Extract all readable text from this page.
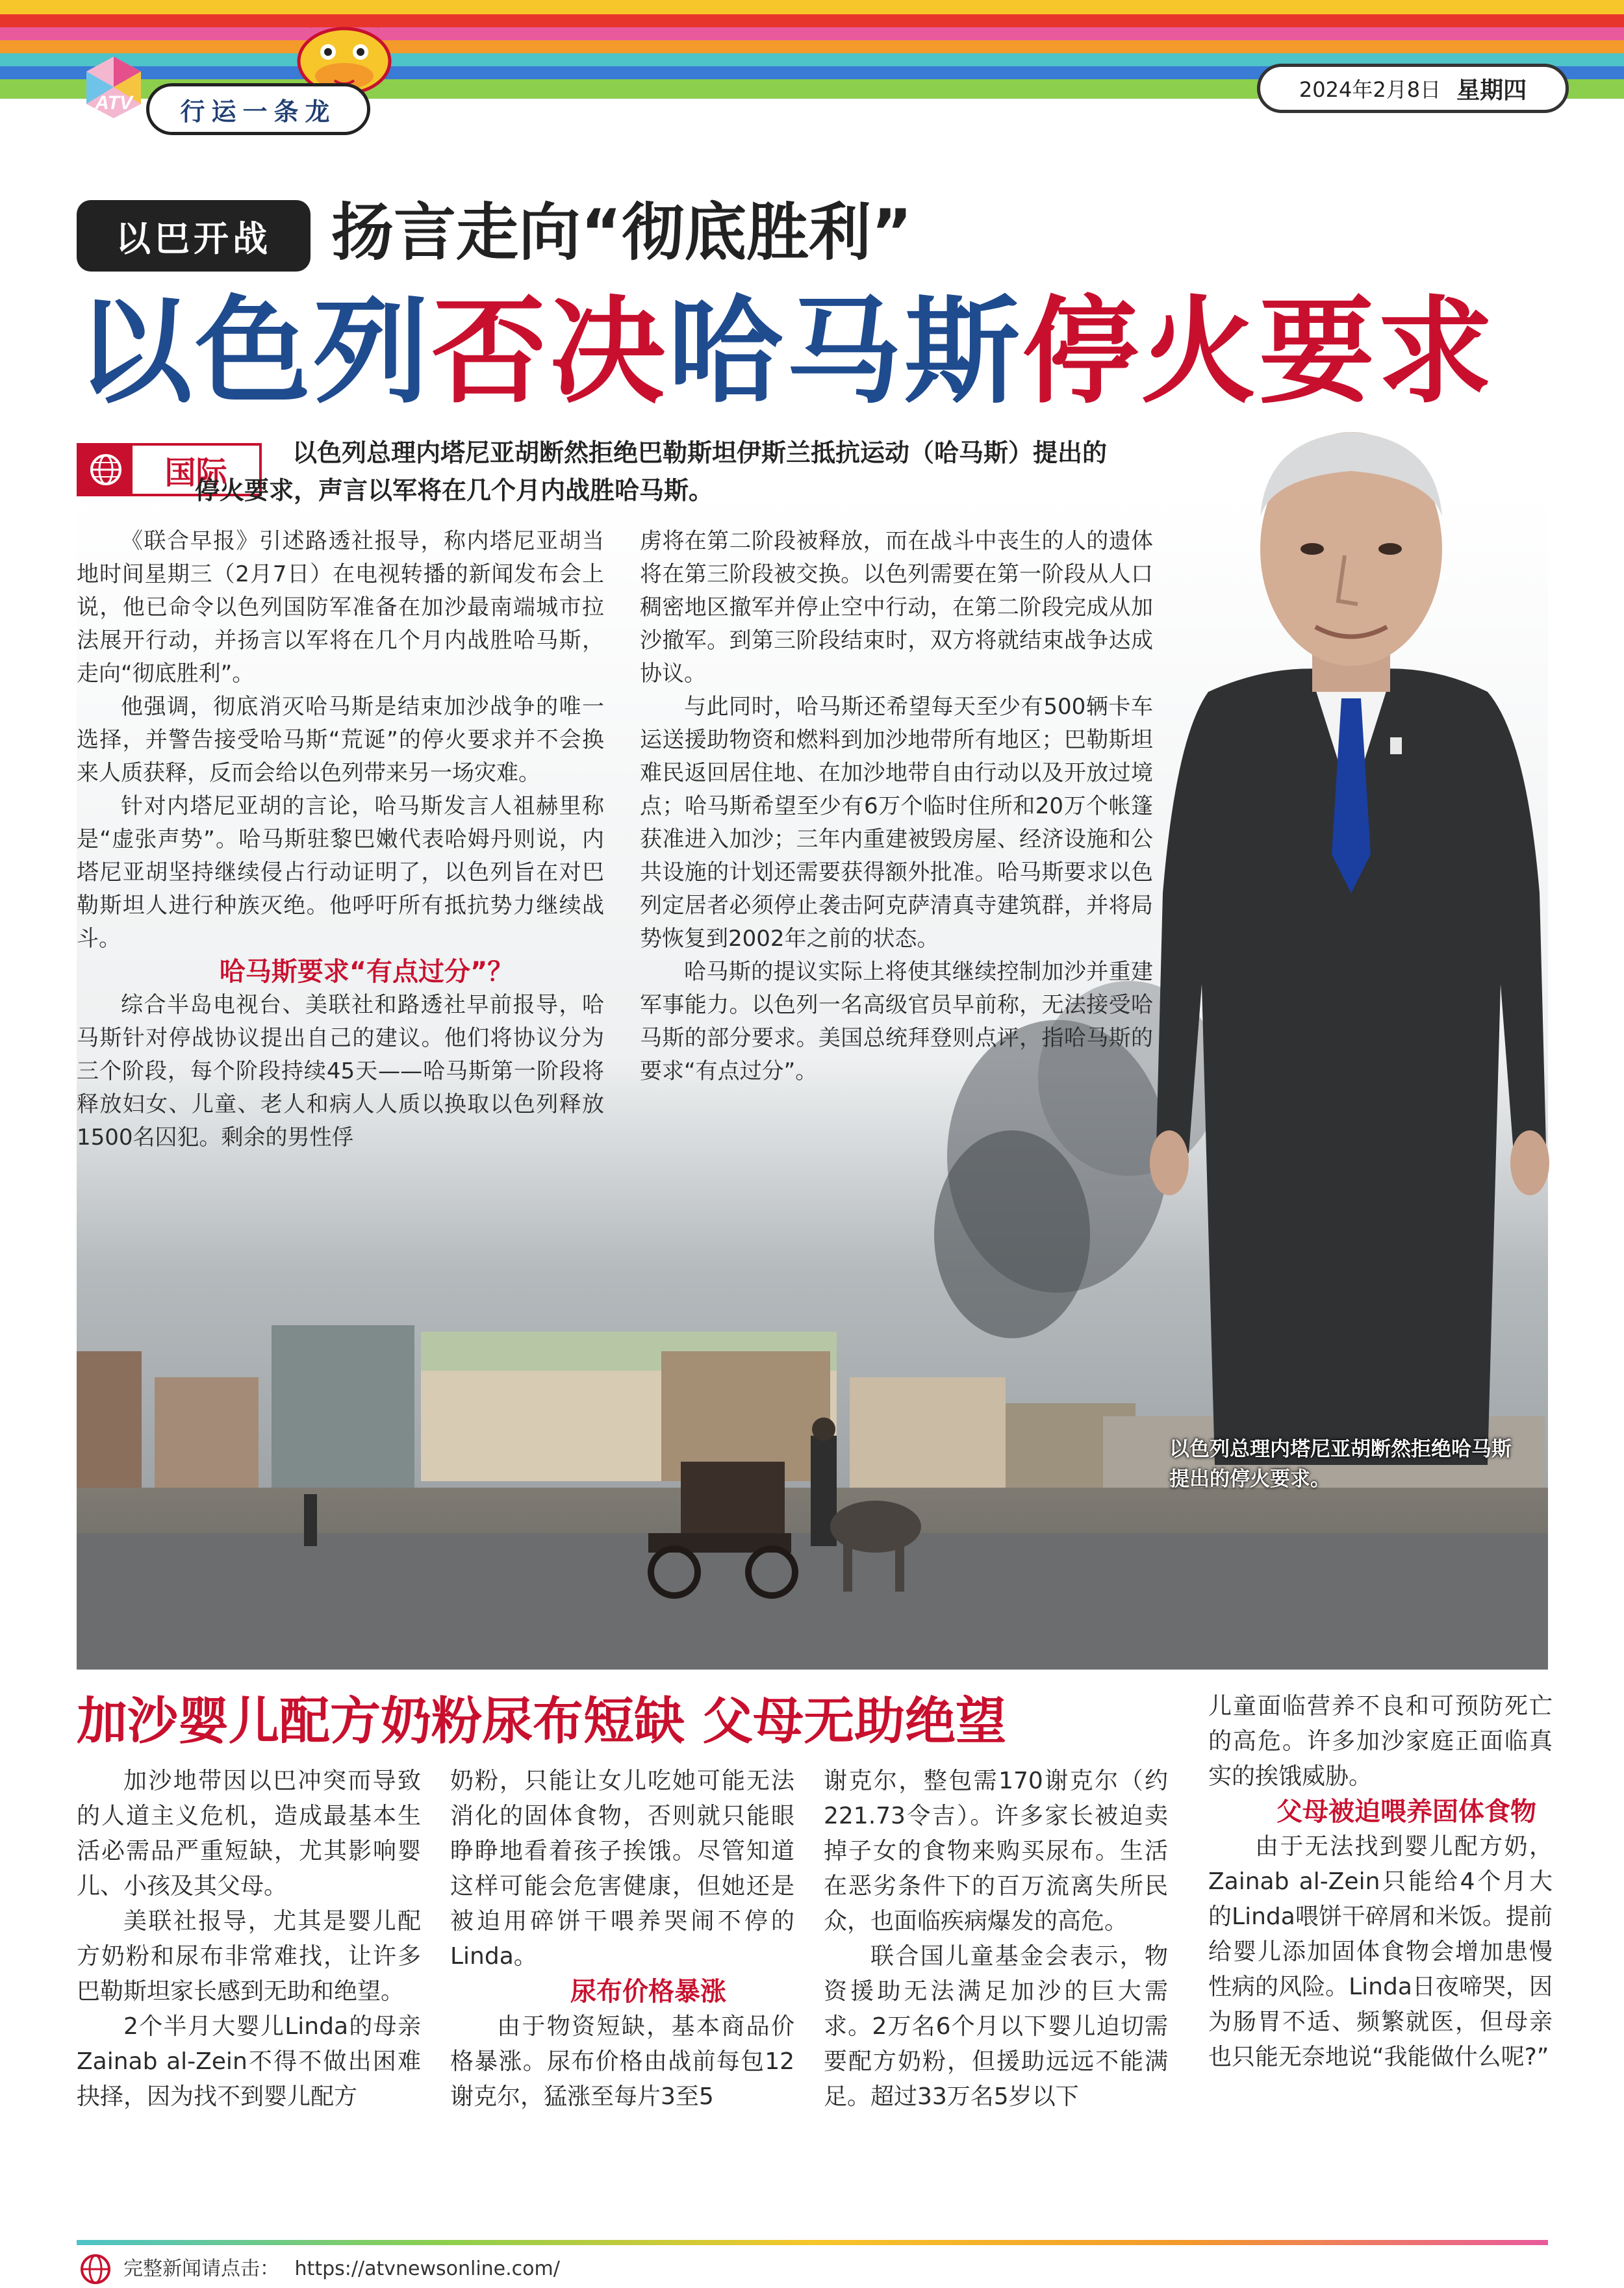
ATV 行运一条龙
2024年2月8日 星期四
以巴开战 扬言走向“彻底胜利”
以色列否决哈马斯停火要求
国际
以色列总理内塔尼亚胡断然拒绝巴勒斯坦伊斯兰抵抗运动（哈马斯）提出的停火要求，声言以军将在几个月内战胜哈马斯。

《联合早报》引述路透社报导，称内塔尼亚胡当地时间星期三（2月7日）在电视转播的新闻发布会上说，他已命令以色列国防军准备在加沙最南端城市拉法展开行动，并扬言以军将在几个月内战胜哈马斯，走向“彻底胜利”。

他强调，彻底消灭哈马斯是结束加沙战争的唯一选择，并警告接受哈马斯“荒诞”的停火要求并不会换来人质获释，反而会给以色列带来另一场灾难。

针对内塔尼亚胡的言论，哈马斯发言人祖赫里称是“虚张声势”。哈马斯驻黎巴嫩代表哈姆丹则说，内塔尼亚胡坚持继续侵占行动证明了，以色列旨在对巴勒斯坦人进行种族灭绝。他呼吁所有抵抗势力继续战斗。

哈马斯要求“有点过分”？

综合半岛电视台、美联社和路透社早前报导，哈马斯针对停战协议提出自己的建议。他们将协议分为三个阶段，每个阶段持续45天——哈马斯第一阶段将释放妇女、儿童、老人和病人人质以换取以色列释放1500名囚犯。剩余的男性俘

虏将在第二阶段被释放，而在战斗中丧生的人的遗体将在第三阶段被交换。以色列需要在第一阶段从人口稠密地区撤军并停止空中行动，在第二阶段完成从加沙撤军。到第三阶段结束时，双方将就结束战争达成协议。

与此同时，哈马斯还希望每天至少有500辆卡车运送援助物资和燃料到加沙地带所有地区；巴勒斯坦难民返回居住地、在加沙地带自由行动以及开放过境点；哈马斯希望至少有6万个临时住所和20万个帐篷获准进入加沙；三年内重建被毁房屋、经济设施和公共设施的计划还需要获得额外批准。哈马斯要求以色列定居者必须停止袭击阿克萨清真寺建筑群，并将局势恢复到2002年之前的状态。

哈马斯的提议实际上将使其继续控制加沙并重建军事能力。以色列一名高级官员早前称，无法接受哈马斯的部分要求。美国总统拜登则点评，指哈马斯的要求“有点过分”。

以色列总理内塔尼亚胡断然拒绝哈马斯提出的停火要求。
加沙婴儿配方奶粉尿布短缺 父母无助绝望

加沙地带因以巴冲突而导致的人道主义危机，造成最基本生活必需品严重短缺，尤其影响婴儿、小孩及其父母。

美联社报导，尤其是婴儿配方奶粉和尿布非常难找，让许多巴勒斯坦家长感到无助和绝望。

2个半月大婴儿Linda的母亲Zainab al-Zein不得不做出困难抉择，因为找不到婴儿配方

奶粉，只能让女儿吃她可能无法消化的固体食物，否则就只能眼睁睁地看着孩子挨饿。尽管知道这样可能会危害健康，但她还是被迫用碎饼干喂养哭闹不停的Linda。

尿布价格暴涨

由于物资短缺，基本商品价格暴涨。尿布价格由战前每包12谢克尔，猛涨至每片3至5

谢克尔，整包需170谢克尔（约221.73令吉）。许多家长被迫卖掉子女的食物来购买尿布。生活在恶劣条件下的百万流离失所民众，也面临疾病爆发的高危。

联合国儿童基金会表示，物资援助无法满足加沙的巨大需求。2万名6个月以下婴儿迫切需要配方奶粉，但援助远远不能满足。超过33万名5岁以下

儿童面临营养不良和可预防死亡的高危。许多加沙家庭正面临真实的挨饿威胁。

父母被迫喂养固体食物

由于无法找到婴儿配方奶，Zainab al-Zein只能给4个月大的Linda喂饼干碎屑和米饭。提前给婴儿添加固体食物会增加患慢性病的风险。Linda日夜啼哭，因为肠胃不适、频繁就医，但母亲也只能无奈地说“我能做什么呢?”

完整新闻请点击： https://atvnewsonline.com/
